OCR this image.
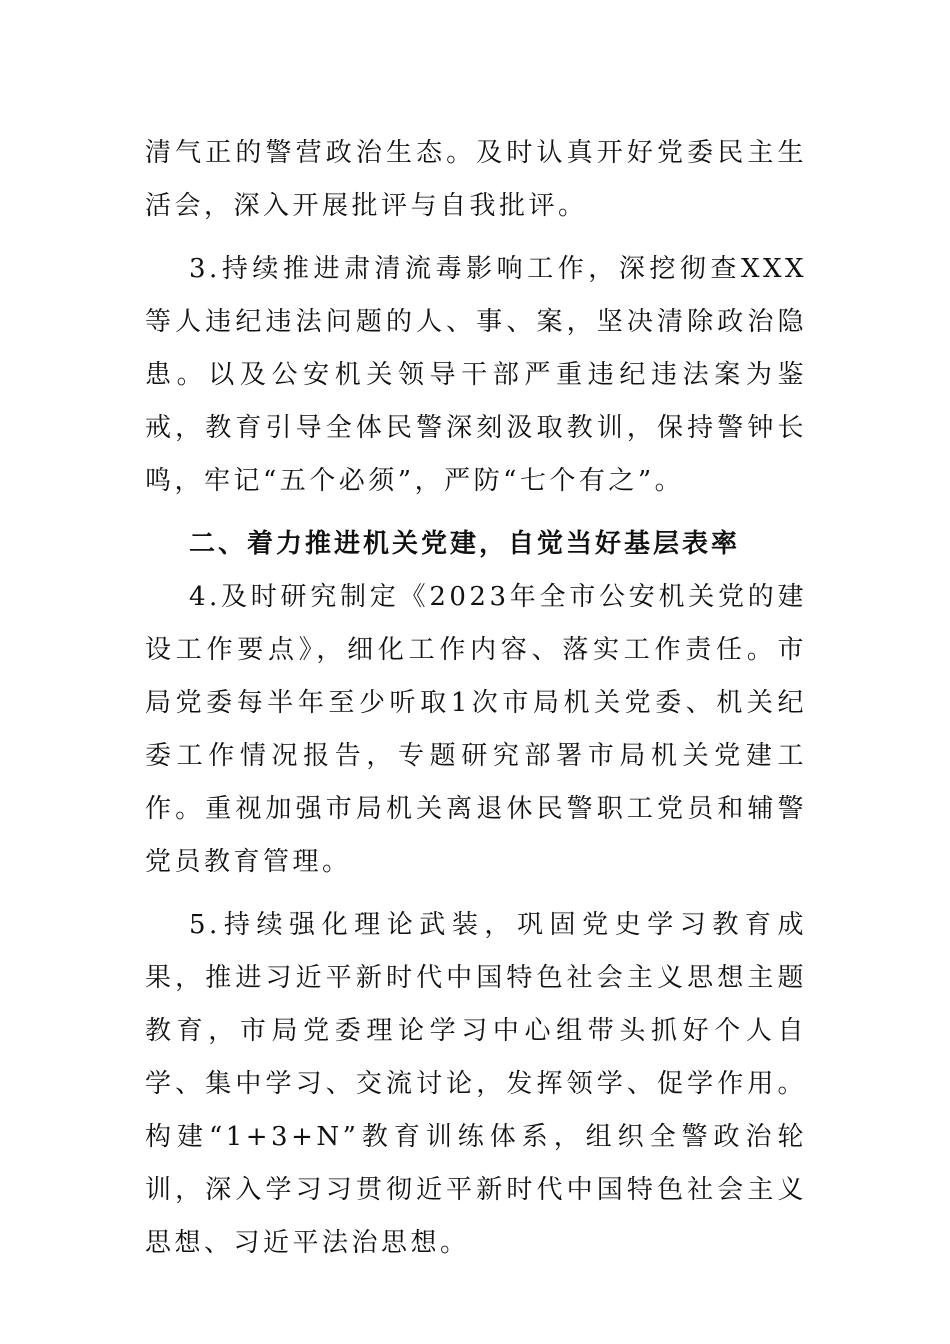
清气正的警营政治生态。及时认真开好党委民主生活会，深入开展批评与自我批评。

3.持续推进肃清流毒影响工作，深挖彻查XXX等人违纪违法问题的人、事、案，坚决清除政治隐患。以及公安机关领导干部严重违纪违法案为鉴戒，教育引导全体民警深刻汲取教训，保持警钟长鸣，牢记“五个必须”，严防“七个有之”。

二、着力推进机关党建，自觉当好基层表率

4.及时研究制定《2023年全市公安机关党的建设工作要点》，细化工作内容、落实工作责任。市局党委每半年至少听取1次市局机关党委、机关纪委工作情况报告，专题研究部署市局机关党建工作。重视加强市局机关离退休民警职工党员和辅警党员教育管理。

5.持续强化理论武装，巩固党史学习教育成果，推进习近平新时代中国特色社会主义思想主题教育，市局党委理论学习中心组带头抓好个人自学、集中学习、交流讨论，发挥领学、促学作用。构建“1+3+N”教育训练体系，组织全警政治轮训，深入学习习贯彻近平新时代中国特色社会主义思想、习近平法治思想。
